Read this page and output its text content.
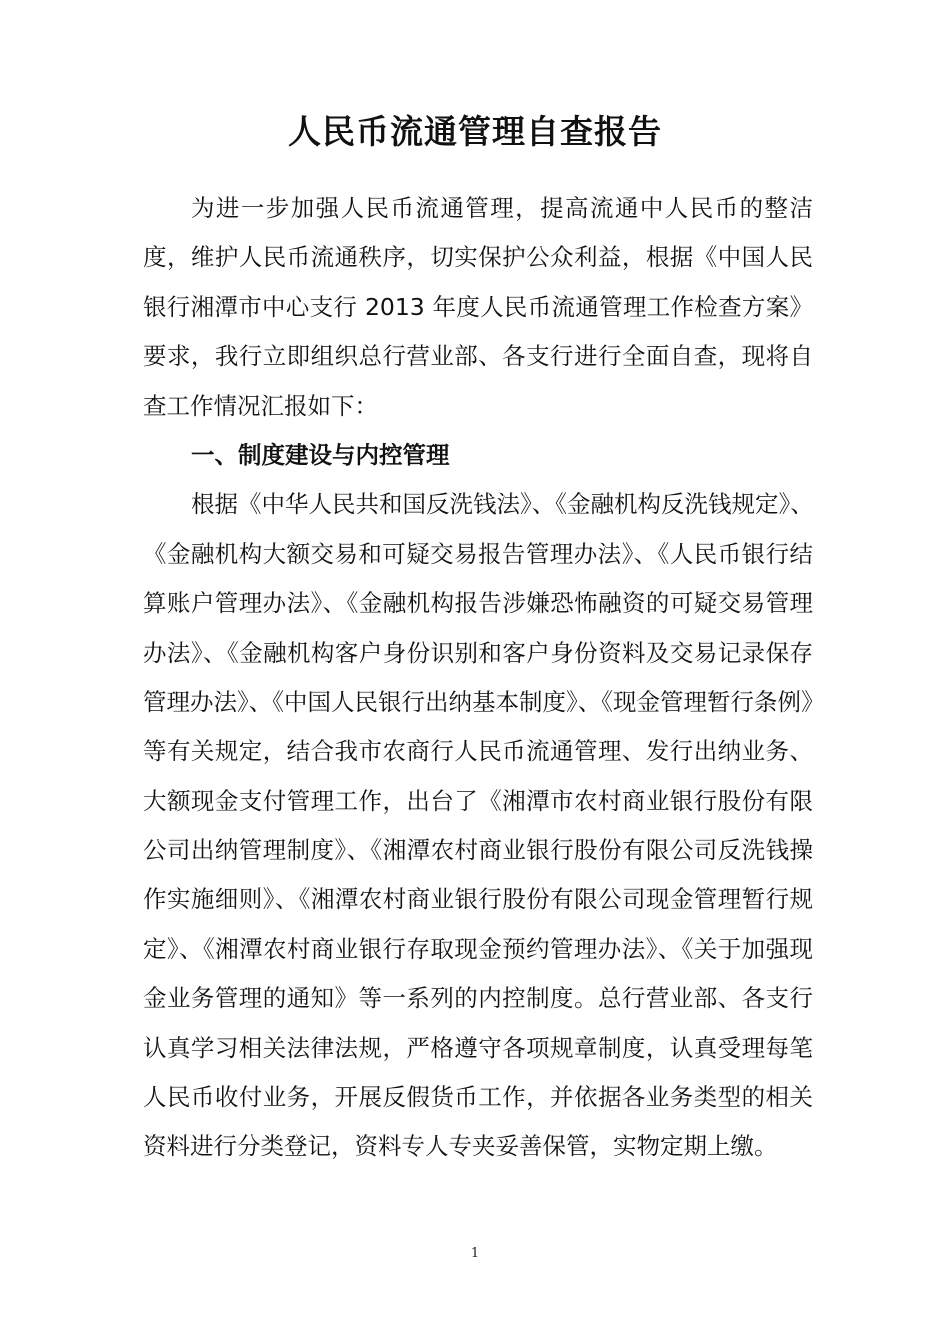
人民币流通管理自查报告
为进一步加强人民币流通管理，提高流通中人民币的整洁
度，维护人民币流通秩序，切实保护公众利益，根据《中国人民
银行湘潭市中心支行 2013 年度人民币流通管理工作检查方案》
要求，我行立即组织总行营业部、各支行进行全面自查，现将自
查工作情况汇报如下：
一、制度建设与内控管理
根据《中华人民共和国反洗钱法》、《金融机构反洗钱规定》、
《金融机构大额交易和可疑交易报告管理办法》、《人民币银行结
算账户管理办法》、《金融机构报告涉嫌恐怖融资的可疑交易管理
办法》、《金融机构客户身份识别和客户身份资料及交易记录保存
管理办法》、《中国人民银行出纳基本制度》、《现金管理暂行条例》
等有关规定，结合我市农商行人民币流通管理、发行出纳业务、
大额现金支付管理工作，出台了《湘潭市农村商业银行股份有限
公司出纳管理制度》、《湘潭农村商业银行股份有限公司反洗钱操
作实施细则》、《湘潭农村商业银行股份有限公司现金管理暂行规
定》、《湘潭农村商业银行存取现金预约管理办法》、《关于加强现
金业务管理的通知》等一系列的内控制度。总行营业部、各支行
认真学习相关法律法规，严格遵守各项规章制度，认真受理每笔
人民币收付业务，开展反假货币工作，并依据各业务类型的相关
资料进行分类登记，资料专人专夹妥善保管，实物定期上缴。
1
